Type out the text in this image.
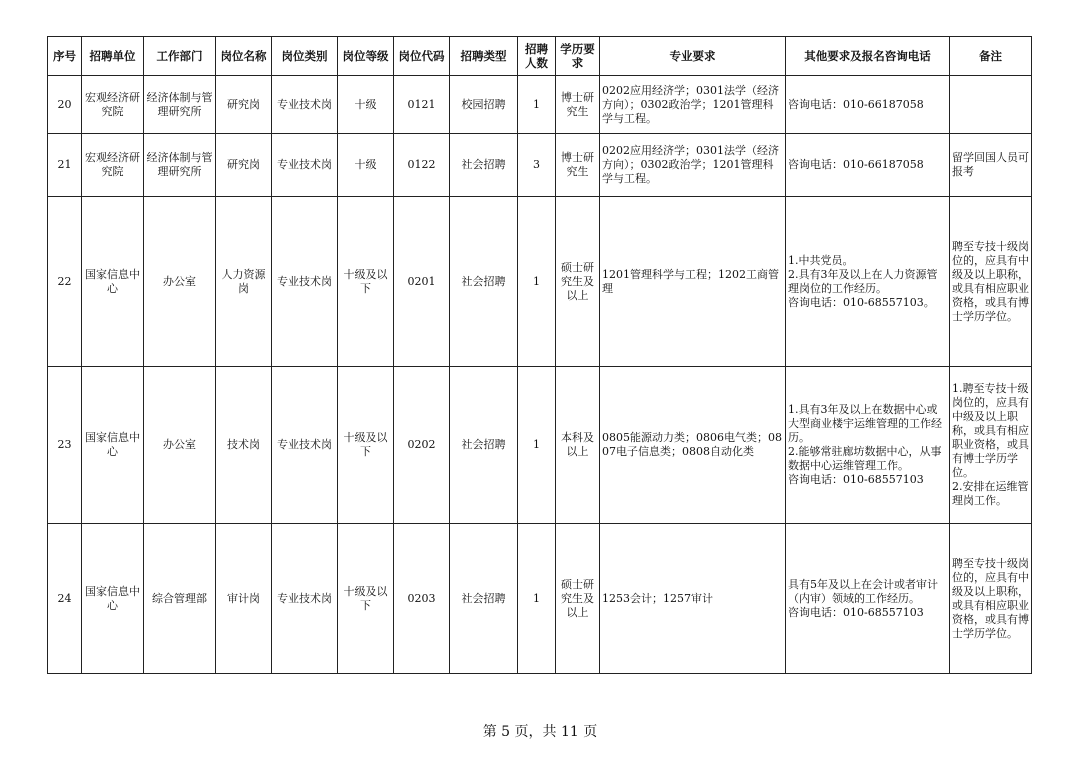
序号	招聘单位	工作部门	岗位名称	岗位类别	岗位等级	岗位代码	招聘类型	招聘人数	学历要求	专业要求	其他要求及报名咨询电话	备注
20	宏观经济研究院	经济体制与管理研究所	研究岗	专业技术岗	十级	0121	校园招聘	1	博士研究生	0202应用经济学；0301法学（经济方向）；0302政治学；1201管理科学与工程。	咨询电话：010-66187058	
21	宏观经济研究院	经济体制与管理研究所	研究岗	专业技术岗	十级	0122	社会招聘	3	博士研究生	0202应用经济学；0301法学（经济方向）；0302政治学；1201管理科学与工程。	咨询电话：010-66187058	留学回国人员可报考
22	国家信息中心	办公室	人力资源岗	专业技术岗	十级及以下	0201	社会招聘	1	硕士研究生及以上	1201管理科学与工程；1202工商管理	1.中共党员。
2.具有3年及以上在人力资源管理岗位的工作经历。
咨询电话：010-68557103。	聘至专技十级岗位的，应具有中级及以上职称，或具有相应职业资格，或具有博士学历学位。
23	国家信息中心	办公室	技术岗	专业技术岗	十级及以下	0202	社会招聘	1	本科及以上	0805能源动力类；0806电气类；0807电子信息类；0808自动化类	1.具有3年及以上在数据中心或大型商业楼宇运维管理的工作经历。
2.能够常驻廊坊数据中心，从事数据中心运维管理工作。
咨询电话：010-68557103	1.聘至专技十级岗位的，应具有中级及以上职称，或具有相应职业资格，或具有博士学历学位。
2.安排在运维管理岗工作。
24	国家信息中心	综合管理部	审计岗	专业技术岗	十级及以下	0203	社会招聘	1	硕士研究生及以上	1253会计；1257审计	具有5年及以上在会计或者审计（内审）领域的工作经历。
咨询电话：010-68557103	聘至专技十级岗位的，应具有中级及以上职称，或具有相应职业资格，或具有博士学历学位。
第 5 页，共 11 页
